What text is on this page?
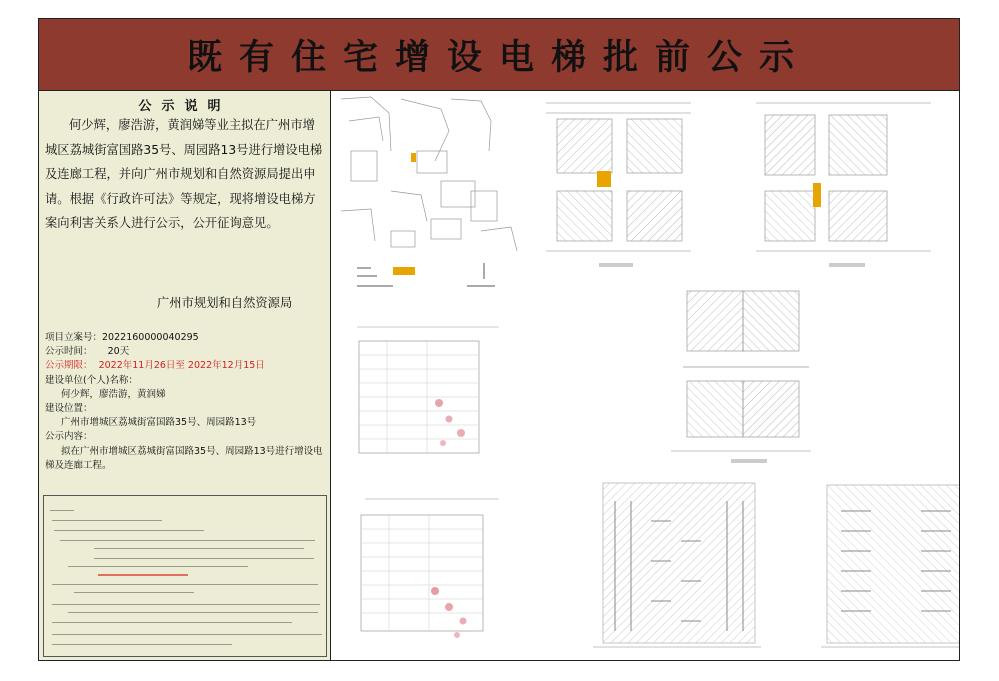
既有住宅增设电梯批前公示
公示说明
何少辉，廖浩游，黄润娣等业主拟在广州市增城区荔城街富国路35号、周园路13号进行增设电梯及连廊工程，并向广州市规划和自然资源局提出申请。根据《行政许可法》等规定，现将增设电梯方案向利害关系人进行公示，公开征询意见。
广州市规划和自然资源局
项目立案号：2022160000040295
公示时间： 20天
公示期限： 2022年11月26日至 2022年12月15日
建设单位(个人)名称：
何少辉，廖浩游，黄润娣
建设位置：
广州市增城区荔城街富国路35号、周园路13号
公示内容：
拟在广州市增城区荔城街富国路35号、周园路13号进行增设电梯及连廊工程。
